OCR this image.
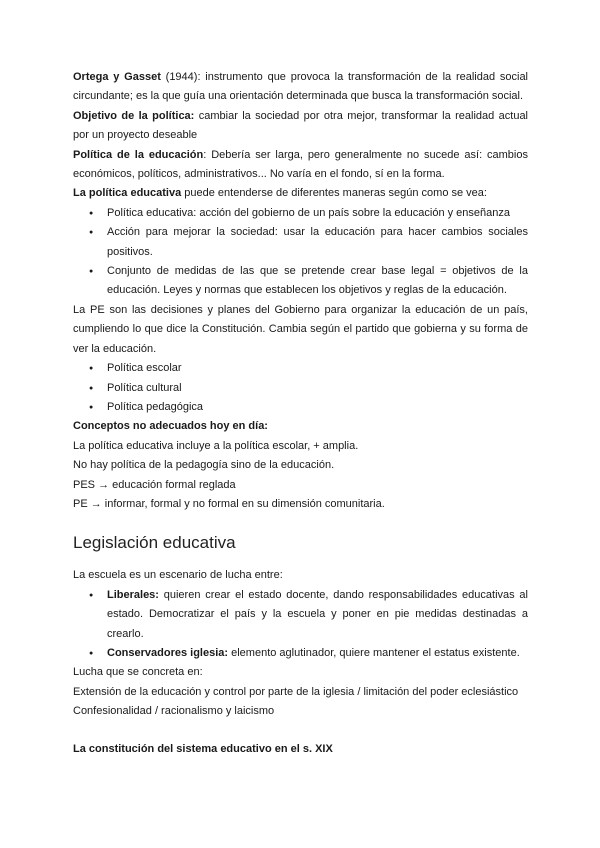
Ortega y Gasset (1944): instrumento que provoca la transformación de la realidad social circundante; es la que guía una orientación determinada que busca la transformación social.

Objetivo de la política: cambiar la sociedad por otra mejor, transformar la realidad actual por un proyecto deseable

Política de la educación: Debería ser larga, pero generalmente no sucede así: cambios económicos, políticos, administrativos... No varía en el fondo, sí en la forma.

La política educativa puede entenderse de diferentes maneras según como se vea:

● Política educativa: acción del gobierno de un país sobre la educación y enseñanza
● Acción para mejorar la sociedad: usar la educación para hacer cambios sociales positivos.
● Conjunto de medidas de las que se pretende crear base legal = objetivos de la educación. Leyes y normas que establecen los objetivos y reglas de la educación.

La PE son las decisiones y planes del Gobierno para organizar la educación de un país, cumpliendo lo que dice la Constitución. Cambia según el partido que gobierna y su forma de ver la educación.

● Política escolar
● Política cultural
● Política pedagógica

Conceptos no adecuados hoy en día:

La política educativa incluye a la política escolar, + amplia.

No hay política de la pedagogía sino de la educación.

PES → educación formal reglada

PE → informar, formal y no formal en su dimensión comunitaria.

Legislación educativa

La escuela es un escenario de lucha entre:

● Liberales: quieren crear el estado docente, dando responsabilidades educativas al estado. Democratizar el país y la escuela y poner en pie medidas destinadas a crearlo.
● Conservadores iglesia: elemento aglutinador, quiere mantener el estatus existente.

Lucha que se concreta en:

Extensión de la educación y control por parte de la iglesia / limitación del poder eclesiástico

Confesionalidad / racionalismo y laicismo

La constitución del sistema educativo en el s. XIX
